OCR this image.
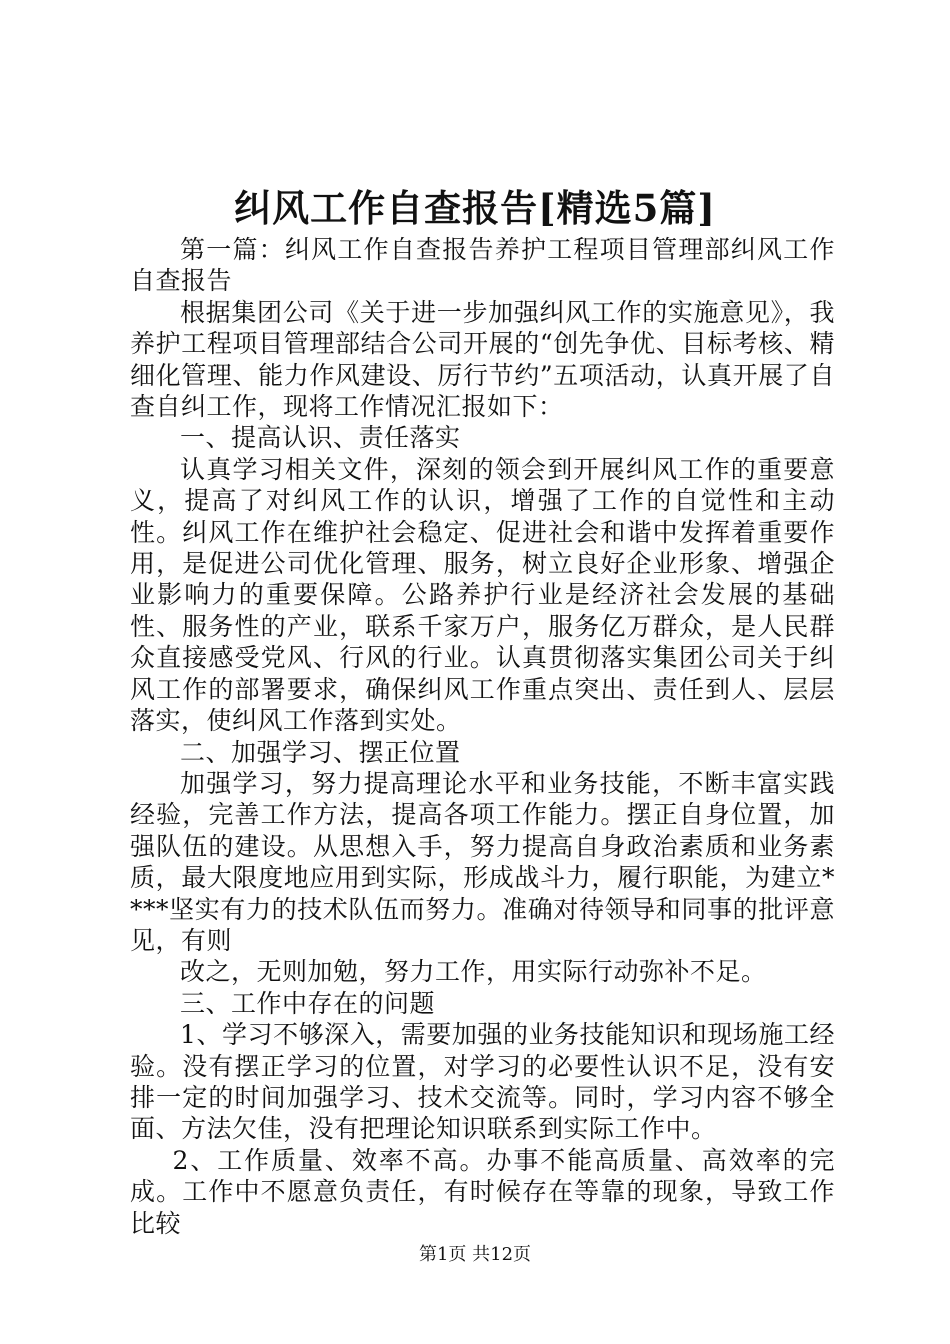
纠风工作自查报告[精选5篇]

第一篇：纠风工作自查报告养护工程项目管理部纠风工作自查报告

根据集团公司《关于进一步加强纠风工作的实施意见》，我养护工程项目管理部结合公司开展的“创先争优、目标考核、精细化管理、能力作风建设、厉行节约”五项活动，认真开展了自查自纠工作，现将工作情况汇报如下：

一、提高认识、责任落实

认真学习相关文件，深刻的领会到开展纠风工作的重要意义，提高了对纠风工作的认识，增强了工作的自觉性和主动性。纠风工作在维护社会稳定、促进社会和谐中发挥着重要作用，是促进公司优化管理、服务，树立良好企业形象、增强企业影响力的重要保障。公路养护行业是经济社会发展的基础性、服务性的产业，联系千家万户，服务亿万群众，是人民群众直接感受党风、行风的行业。认真贯彻落实集团公司关于纠风工作的部署要求，确保纠风工作重点突出、责任到人、层层落实，使纠风工作落到实处。

二、加强学习、摆正位置

加强学习，努力提高理论水平和业务技能，不断丰富实践经验，完善工作方法，提高各项工作能力。摆正自身位置，加强队伍的建设。从思想入手，努力提高自身政治素质和业务素质，最大限度地应用到实际，形成战斗力，履行职能，为建立****坚实有力的技术队伍而努力。准确对待领导和同事的批评意见，有则

改之，无则加勉，努力工作，用实际行动弥补不足。

三、工作中存在的问题

1、学习不够深入，需要加强的业务技能知识和现场施工经验。没有摆正学习的位置，对学习的必要性认识不足，没有安排一定的时间加强学习、技术交流等。同时，学习内容不够全面、方法欠佳，没有把理论知识联系到实际工作中。

2、工作质量、效率不高。办事不能高质量、高效率的完成。工作中不愿意负责任，有时候存在等靠的现象，导致工作比较

第1页 共12页
